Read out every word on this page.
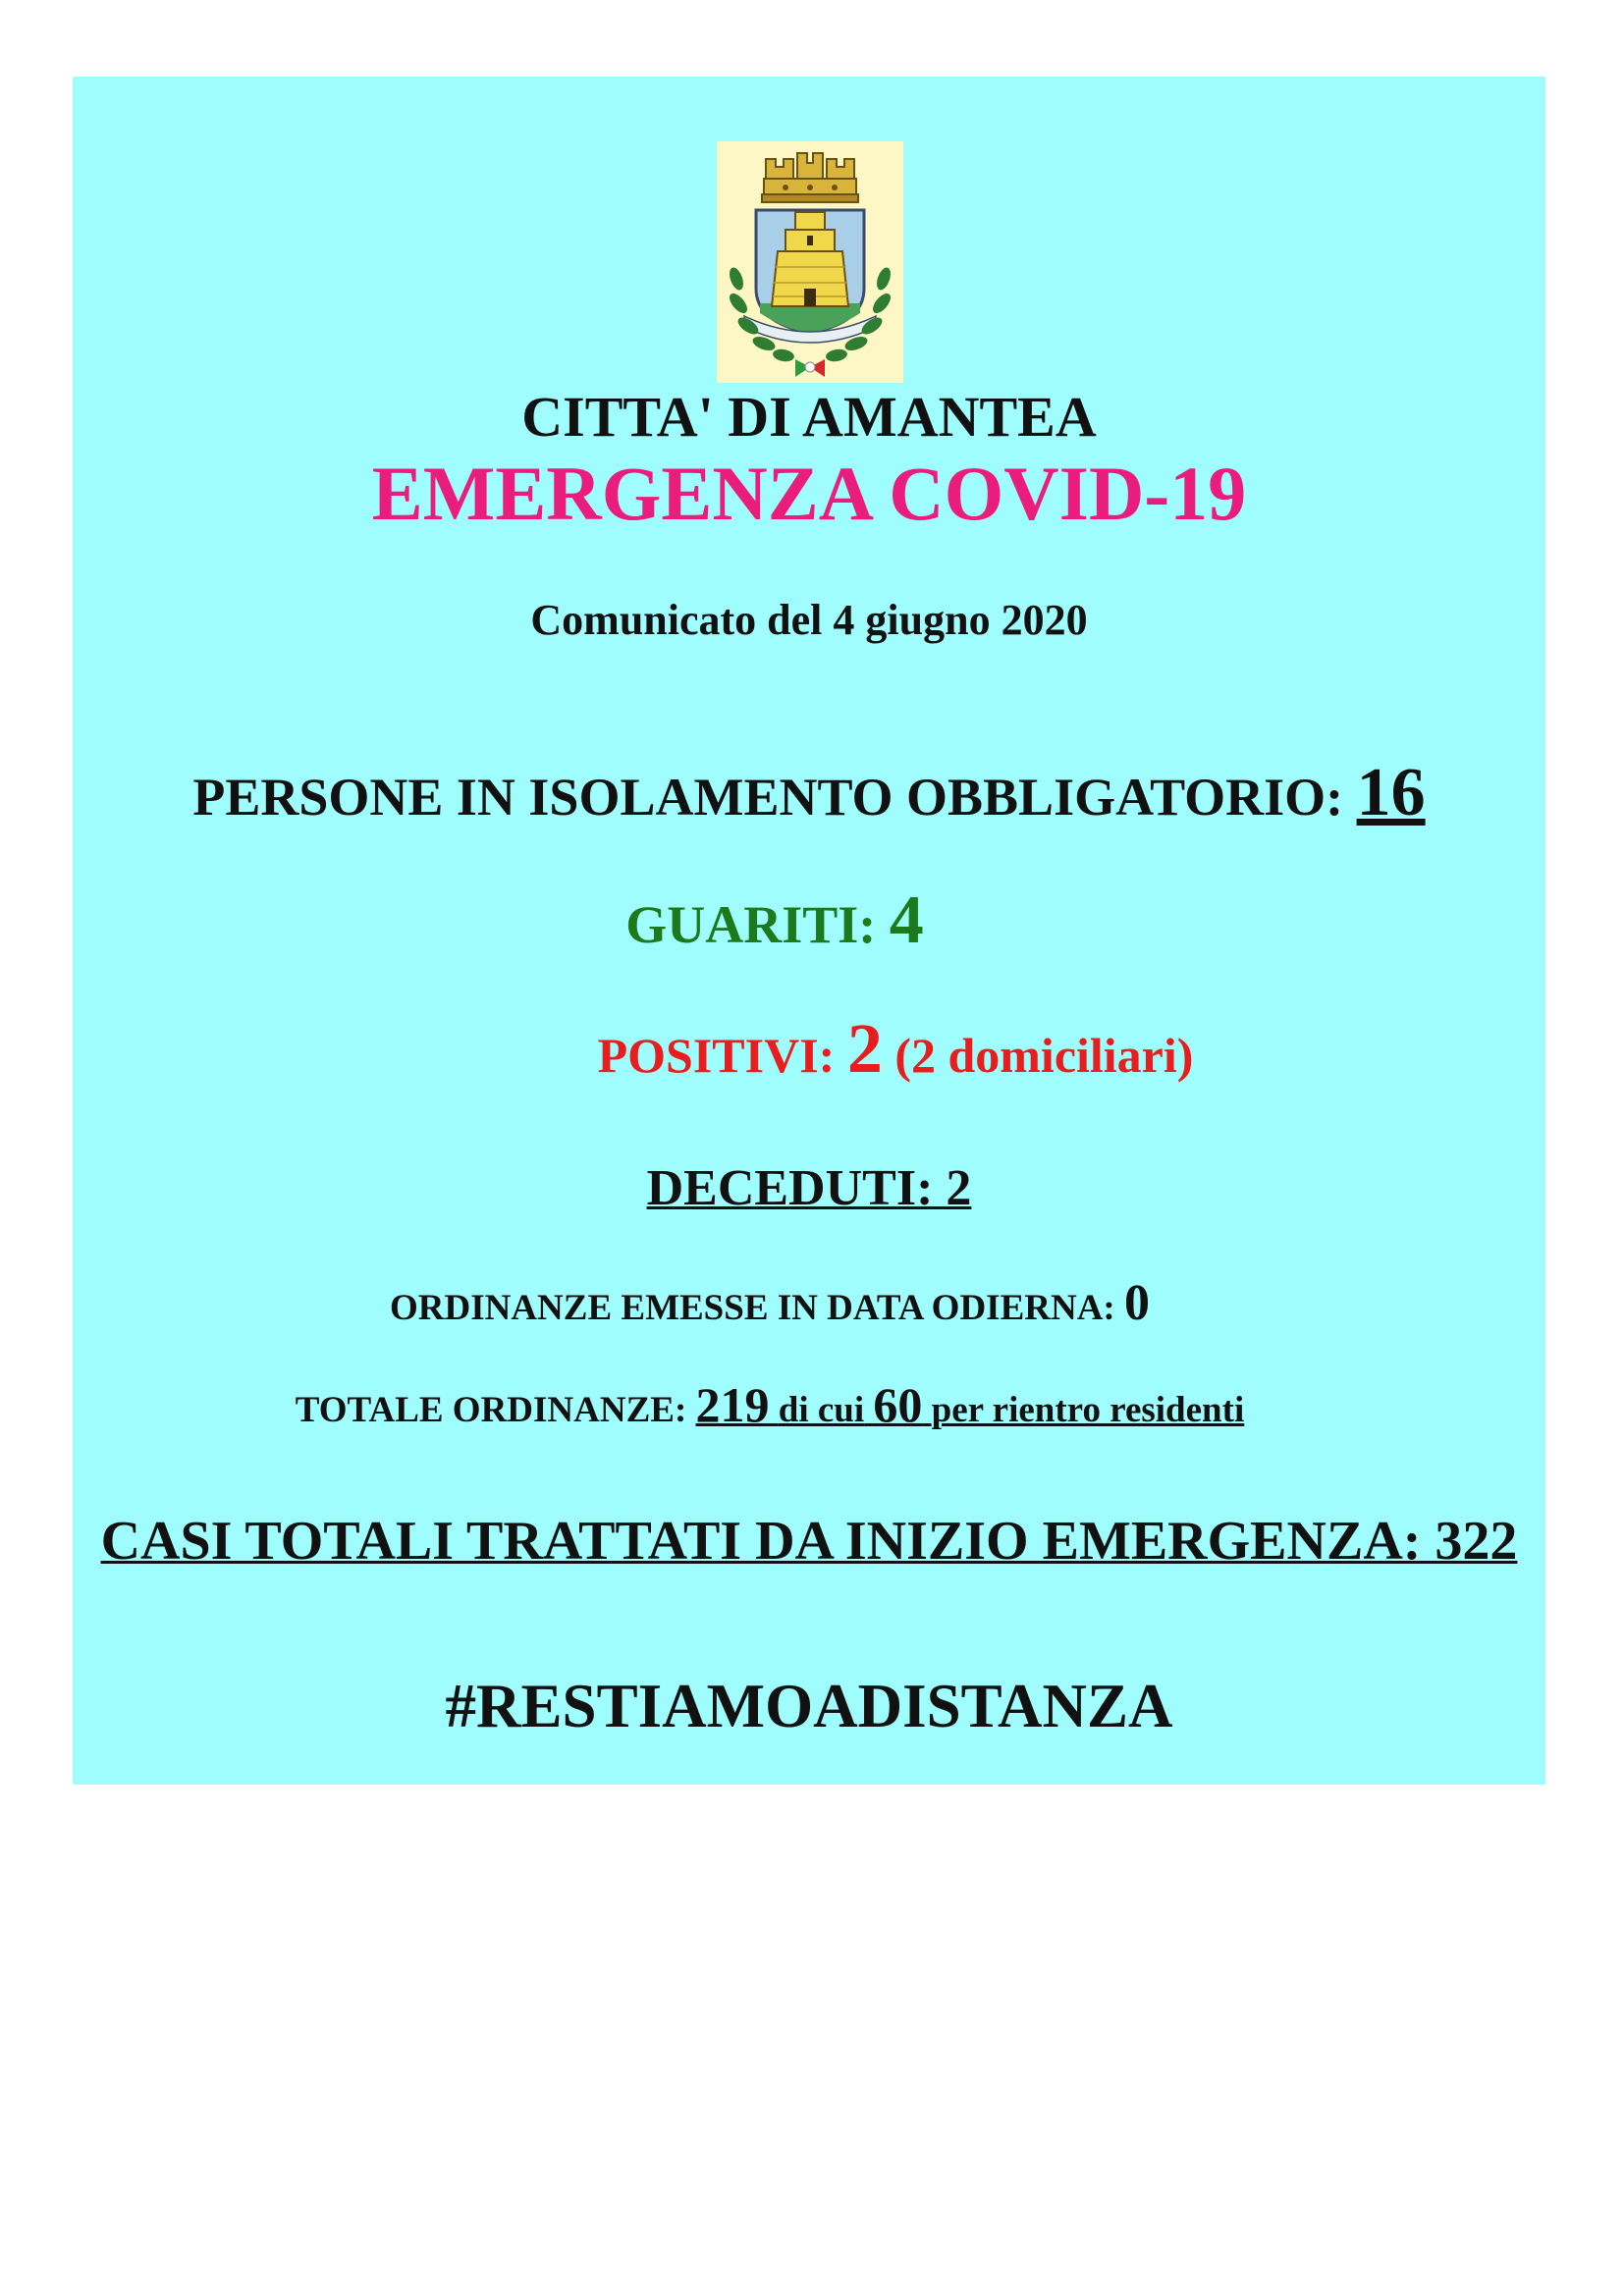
CITTA' DI AMANTEA
EMERGENZA COVID-19
Comunicato del 4 giugno 2020
PERSONE IN ISOLAMENTO OBBLIGATORIO: 16
GUARITI: 4
POSITIVI: 2 (2 domiciliari)
DECEDUTI: 2
ORDINANZE EMESSE IN DATA ODIERNA: 0
TOTALE ORDINANZE: 219 di cui 60 per rientro residenti
CASI TOTALI TRATTATI DA INIZIO EMERGENZA: 322
#RESTIAMOADISTANZA
